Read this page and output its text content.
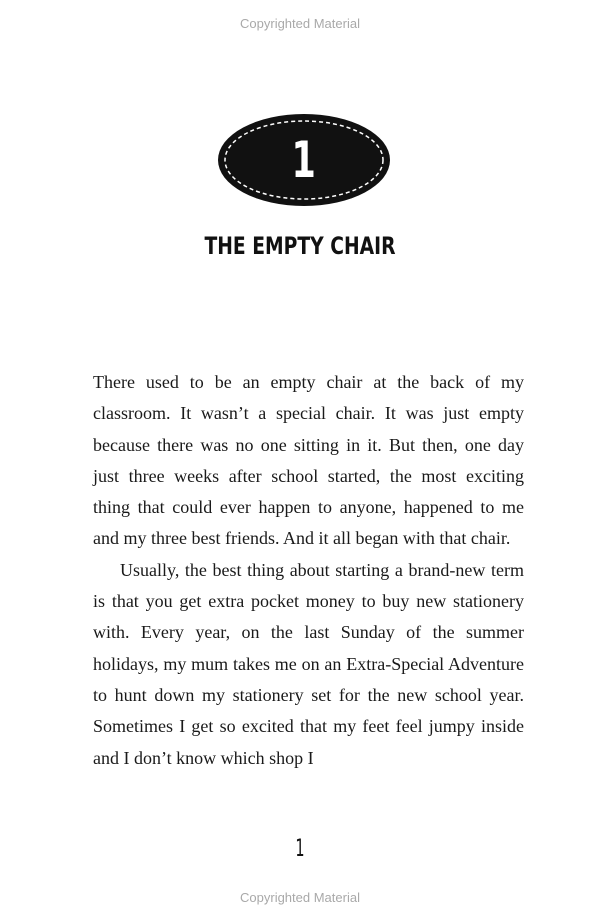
Copyrighted Material
1
THE EMPTY CHAIR

There used to be an empty chair at the back of my classroom. It wasn’t a special chair. It was just empty because there was no one sitting in it. But then, one day just three weeks after school started, the most exciting thing that could ever happen to anyone, happened to me and my three best friends. And it all began with that chair.

Usually, the best thing about starting a brand-new term is that you get extra pocket money to buy new stationery with. Every year, on the last Sunday of the summer holidays, my mum takes me on an Extra-Special Adventure to hunt down my stationery set for the new school year. Sometimes I get so excited that my feet feel jumpy inside and I don’t know which shop I

1
Copyrighted Material
